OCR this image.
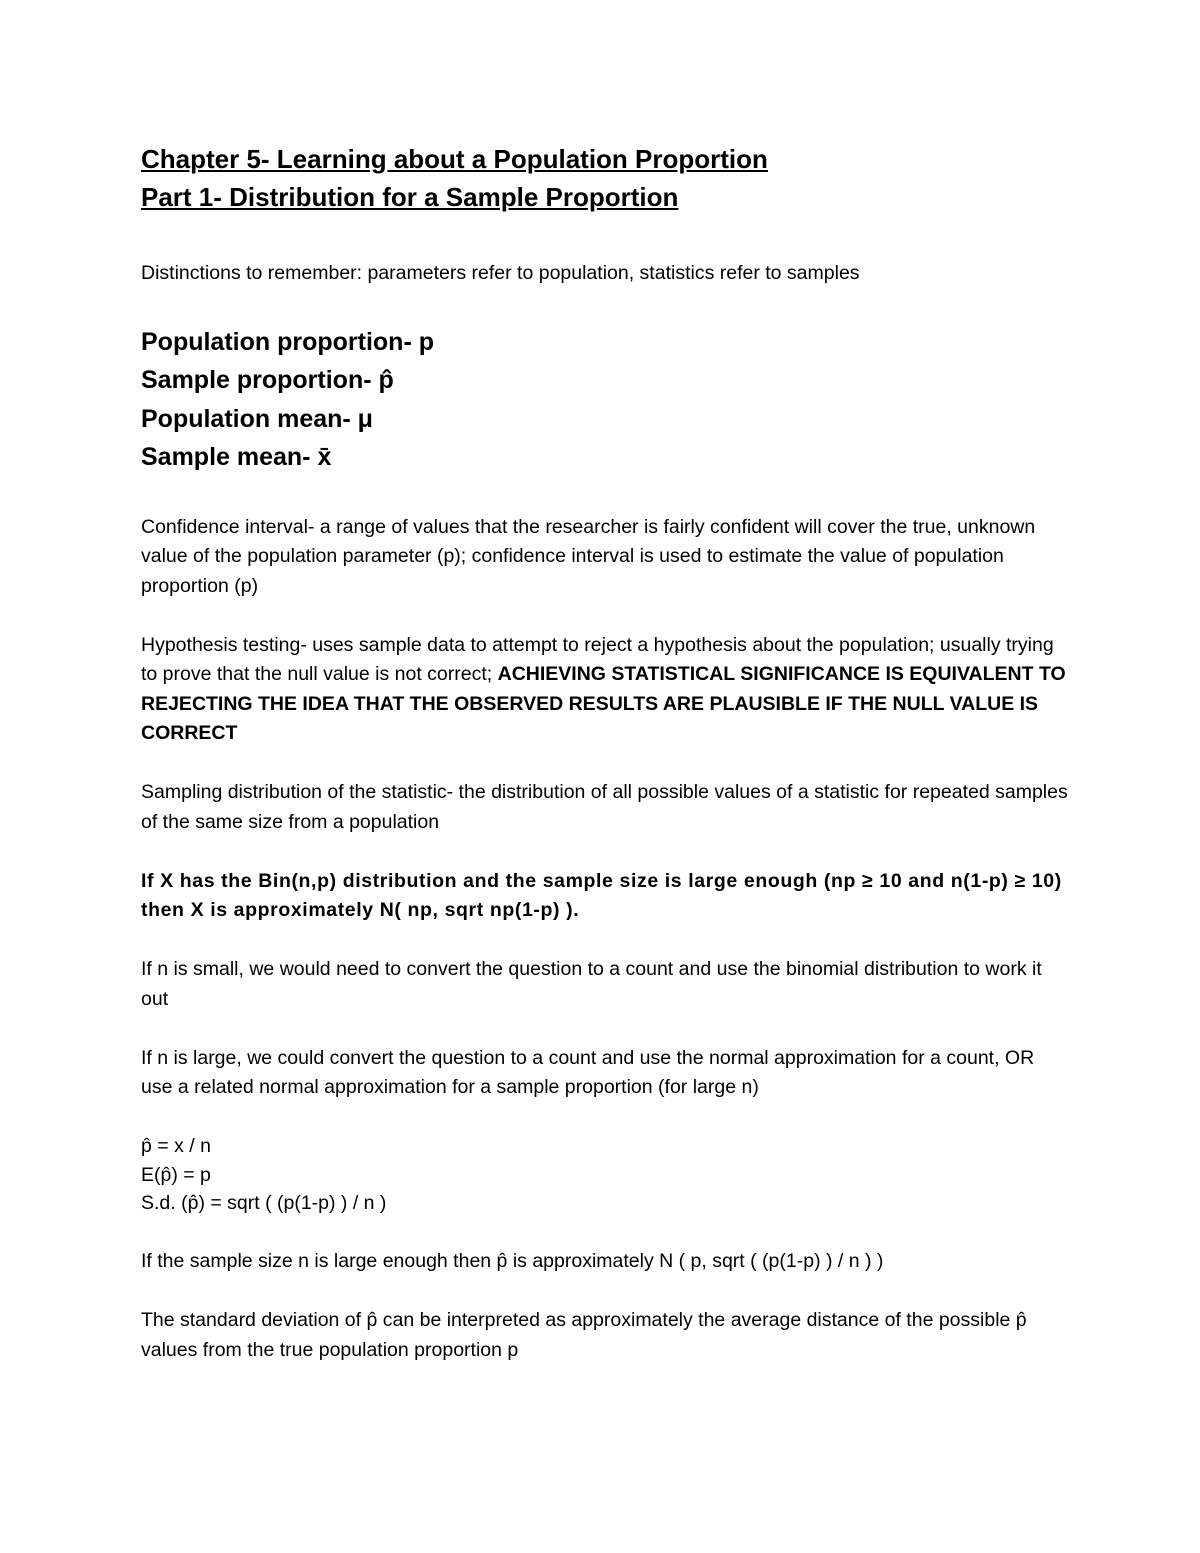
Chapter 5- Learning about a Population Proportion
Part 1- Distribution for a Sample Proportion

Distinctions to remember: parameters refer to population, statistics refer to samples

Population proportion- p
Sample proportion- p̂
Population mean- μ
Sample mean- x̄

Confidence interval- a range of values that the researcher is fairly confident will cover the true, unknown value of the population parameter (p); confidence interval is used to estimate the value of population proportion (p)

Hypothesis testing- uses sample data to attempt to reject a hypothesis about the population; usually trying to prove that the null value is not correct; ACHIEVING STATISTICAL SIGNIFICANCE IS EQUIVALENT TO REJECTING THE IDEA THAT THE OBSERVED RESULTS ARE PLAUSIBLE IF THE NULL VALUE IS CORRECT

Sampling distribution of the statistic- the distribution of all possible values of a statistic for repeated samples of the same size from a population

If X has the Bin(n,p) distribution and the sample size is large enough (np ≥ 10 and n(1-p) ≥ 10) then X is approximately N( np, sqrt np(1-p) ).

If n is small, we would need to convert the question to a count and use the binomial distribution to work it out

If n is large, we could convert the question to a count and use the normal approximation for a count, OR use a related normal approximation for a sample proportion (for large n)

p̂ = x / n
E(p̂) = p
S.d. (p̂) = sqrt ( (p(1-p) ) / n )

If the sample size n is large enough then p̂ is approximately N ( p, sqrt ( (p(1-p) ) / n ) )

The standard deviation of p̂ can be interpreted as approximately the average distance of the possible p̂ values from the true population proportion p
